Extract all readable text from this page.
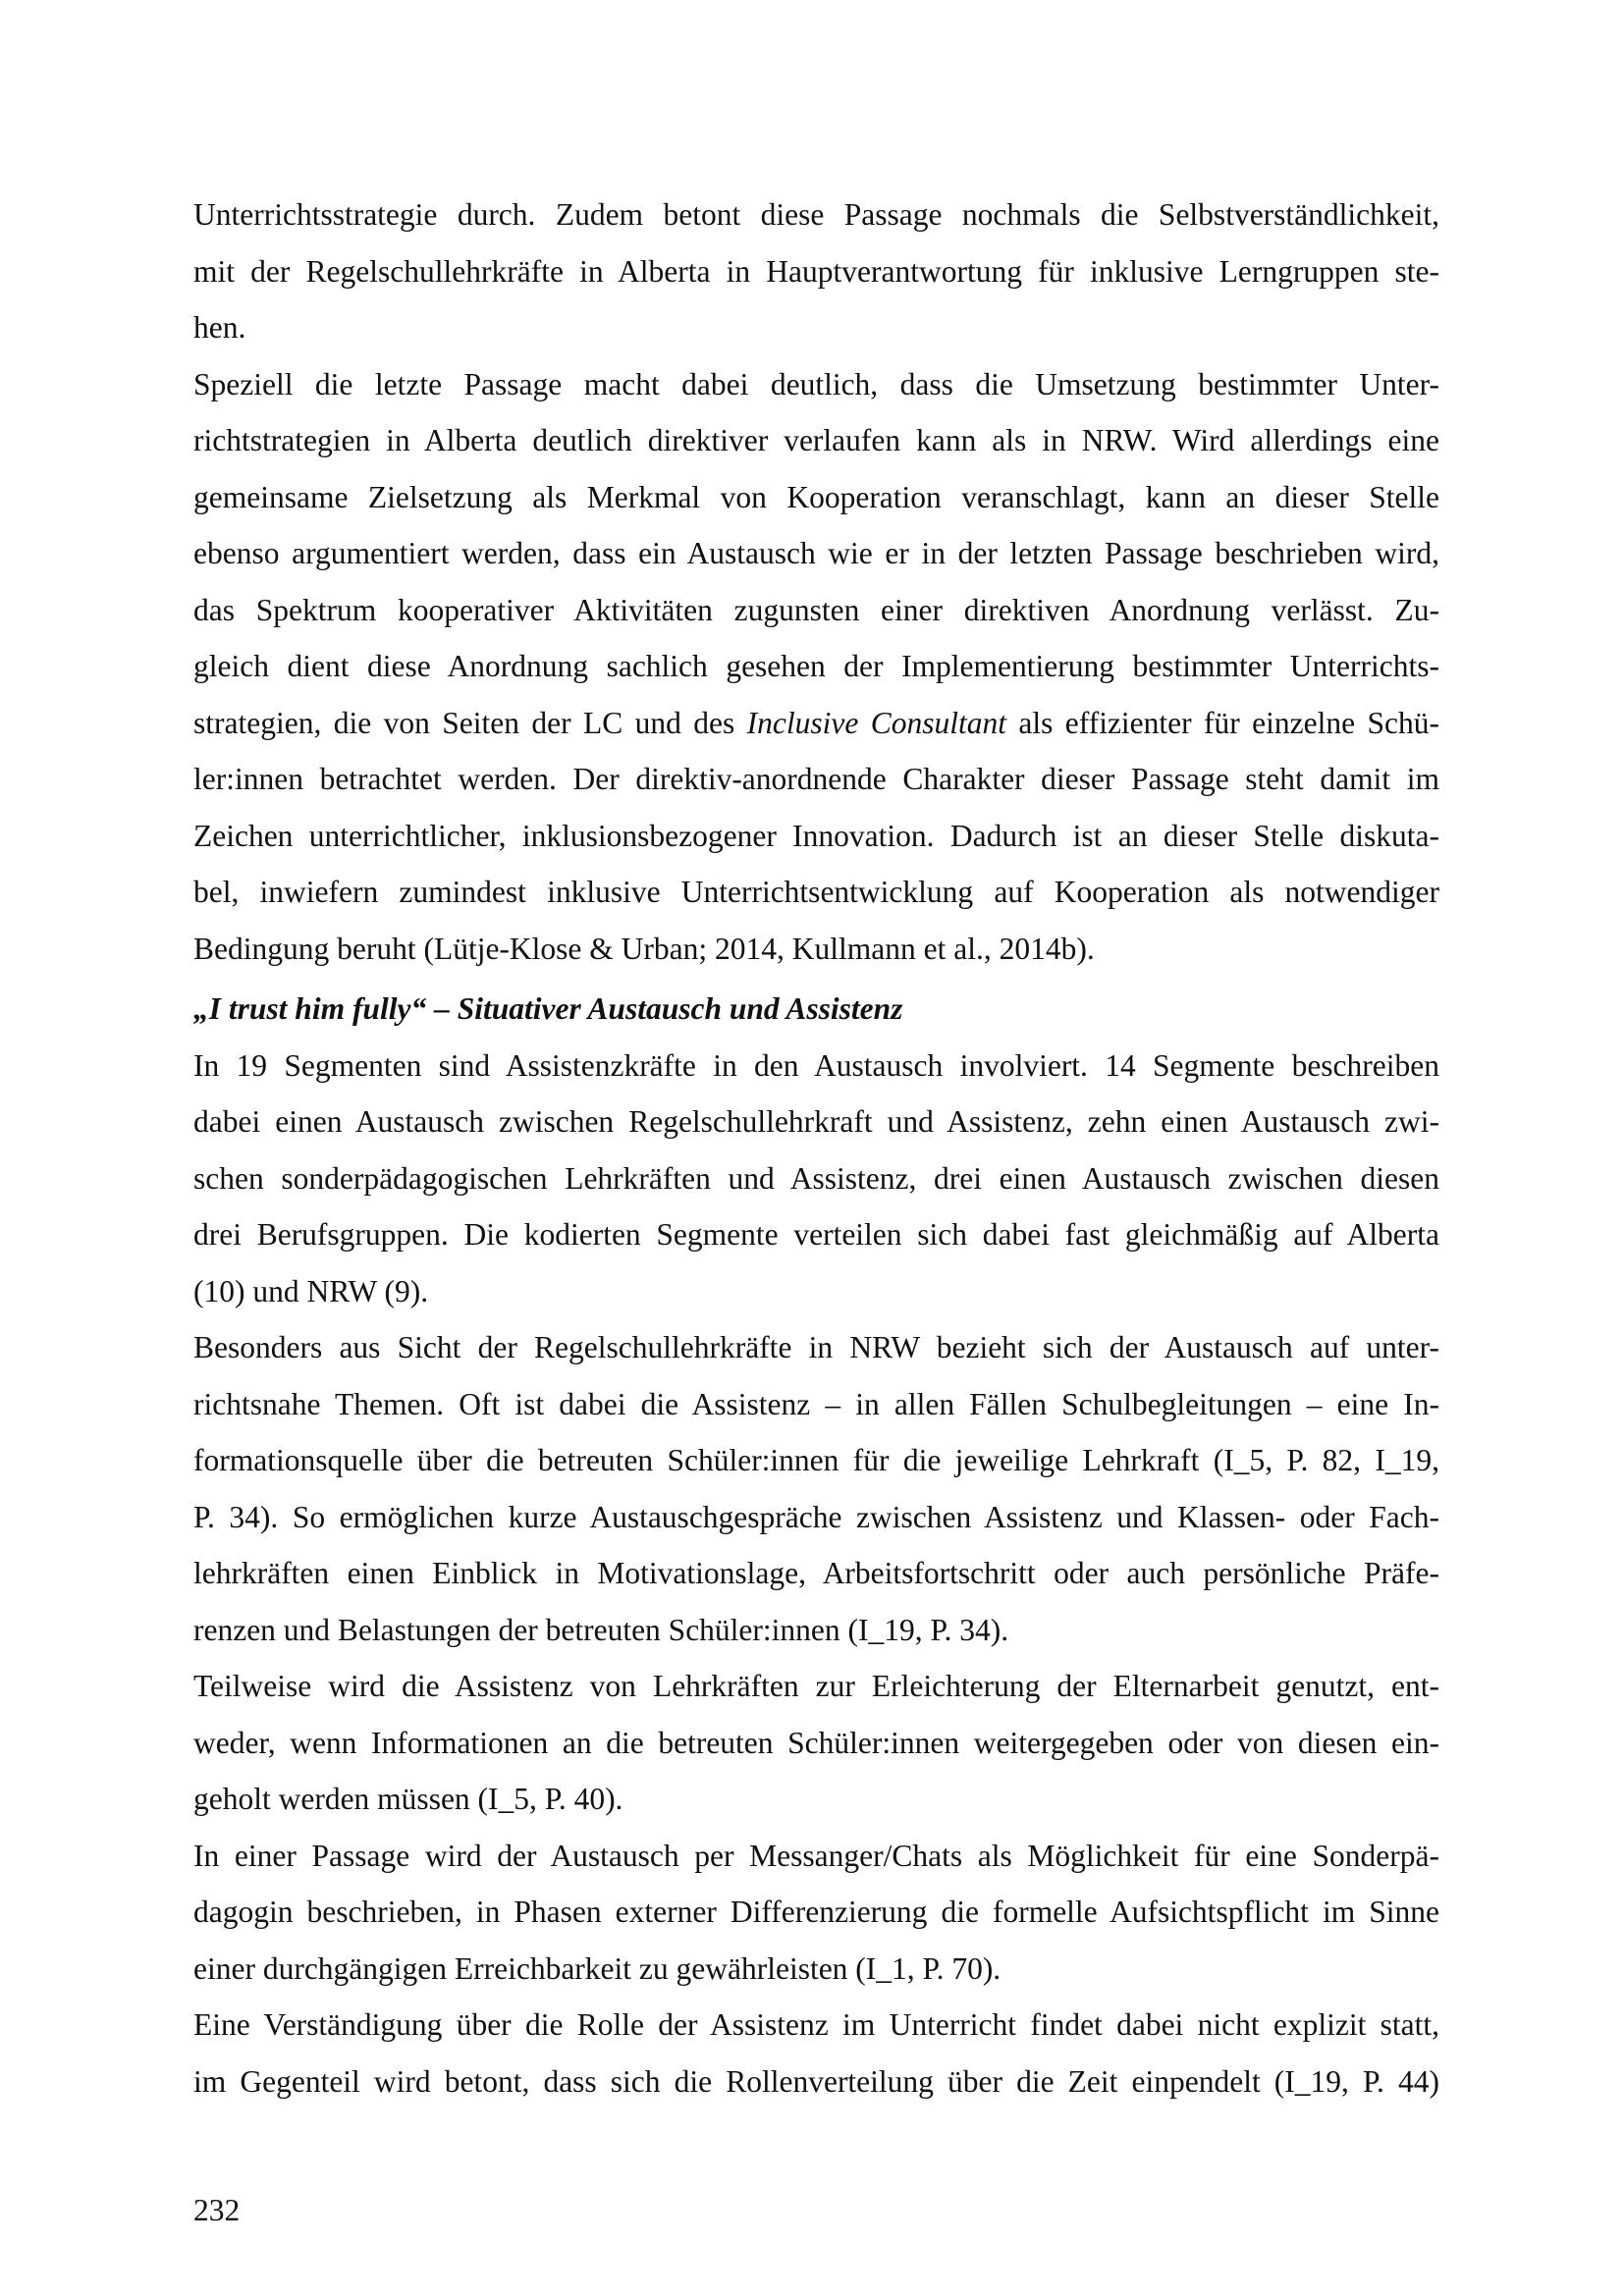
Unterrichtsstrategie durch. Zudem betont diese Passage nochmals die Selbstverständlichkeit,
mit der Regelschullehrkräfte in Alberta in Hauptverantwortung für inklusive Lerngruppen ste-
hen.
Speziell die letzte Passage macht dabei deutlich, dass die Umsetzung bestimmter Unter-
richtstrategien in Alberta deutlich direktiver verlaufen kann als in NRW. Wird allerdings eine
gemeinsame Zielsetzung als Merkmal von Kooperation veranschlagt, kann an dieser Stelle
ebenso argumentiert werden, dass ein Austausch wie er in der letzten Passage beschrieben wird,
das Spektrum kooperativer Aktivitäten zugunsten einer direktiven Anordnung verlässt. Zu-
gleich dient diese Anordnung sachlich gesehen der Implementierung bestimmter Unterrichts-
strategien, die von Seiten der LC und des Inclusive Consultant als effizienter für einzelne Schü-
ler:innen betrachtet werden. Der direktiv-anordnende Charakter dieser Passage steht damit im
Zeichen unterrichtlicher, inklusionsbezogener Innovation. Dadurch ist an dieser Stelle diskuta-
bel, inwiefern zumindest inklusive Unterrichtsentwicklung auf Kooperation als notwendiger
Bedingung beruht (Lütje-Klose & Urban; 2014, Kullmann et al., 2014b).
„I trust him fully“ – Situativer Austausch und Assistenz
In 19 Segmenten sind Assistenzkräfte in den Austausch involviert. 14 Segmente beschreiben
dabei einen Austausch zwischen Regelschullehrkraft und Assistenz, zehn einen Austausch zwi-
schen sonderpädagogischen Lehrkräften und Assistenz, drei einen Austausch zwischen diesen
drei Berufsgruppen. Die kodierten Segmente verteilen sich dabei fast gleichmäßig auf Alberta
(10) und NRW (9).
Besonders aus Sicht der Regelschullehrkräfte in NRW bezieht sich der Austausch auf unter-
richtsnahe Themen. Oft ist dabei die Assistenz – in allen Fällen Schulbegleitungen – eine In-
formationsquelle über die betreuten Schüler:innen für die jeweilige Lehrkraft (I_5, P. 82, I_19,
P. 34). So ermöglichen kurze Austauschgespräche zwischen Assistenz und Klassen- oder Fach-
lehrkräften einen Einblick in Motivationslage, Arbeitsfortschritt oder auch persönliche Präfe-
renzen und Belastungen der betreuten Schüler:innen (I_19, P. 34).
Teilweise wird die Assistenz von Lehrkräften zur Erleichterung der Elternarbeit genutzt, ent-
weder, wenn Informationen an die betreuten Schüler:innen weitergegeben oder von diesen ein-
geholt werden müssen (I_5, P. 40).
In einer Passage wird der Austausch per Messanger/Chats als Möglichkeit für eine Sonderpä-
dagogin beschrieben, in Phasen externer Differenzierung die formelle Aufsichtspflicht im Sinne
einer durchgängigen Erreichbarkeit zu gewährleisten (I_1, P. 70).
Eine Verständigung über die Rolle der Assistenz im Unterricht findet dabei nicht explizit statt,
im Gegenteil wird betont, dass sich die Rollenverteilung über die Zeit einpendelt (I_19, P. 44)
232
